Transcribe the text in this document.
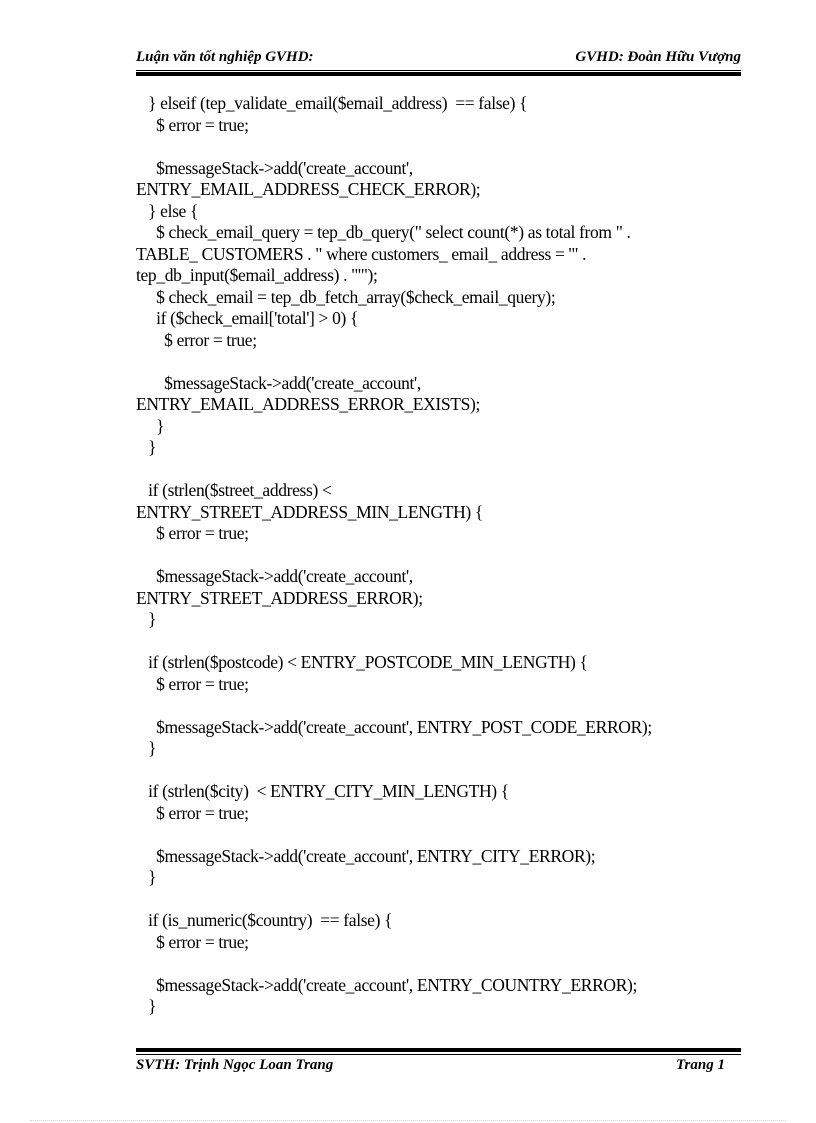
Luận văn tốt nghiệp GVHD:	GVHD: Đoàn Hữu Vượng
} elseif (tep_validate_email($email_address)  == false) {
$ error = true;
$messageStack->add('create_account',
ENTRY_EMAIL_ADDRESS_CHECK_ERROR);
} else {
$ check_email_query = tep_db_query(" select count(*) as total from " .
TABLE_ CUSTOMERS . " where customers_ email_ address = '" .
tep_db_input($email_address) . "'");
$ check_email = tep_db_fetch_array($check_email_query);
if ($check_email['total'] > 0) {
$ error = true;
$messageStack->add('create_account',
ENTRY_EMAIL_ADDRESS_ERROR_EXISTS);
}
}
if (strlen($street_address) <
ENTRY_STREET_ADDRESS_MIN_LENGTH) {
$ error = true;
$messageStack->add('create_account',
ENTRY_STREET_ADDRESS_ERROR);
}
if (strlen($postcode) < ENTRY_POSTCODE_MIN_LENGTH) {
$ error = true;
$messageStack->add('create_account', ENTRY_POST_CODE_ERROR);
}
if (strlen($city)  < ENTRY_CITY_MIN_LENGTH) {
$ error = true;
$messageStack->add('create_account', ENTRY_CITY_ERROR);
}
if (is_numeric($country)  == false) {
$ error = true;
$messageStack->add('create_account', ENTRY_COUNTRY_ERROR);
}
SVTH: Trịnh Ngọc Loan Trang	Trang 1
